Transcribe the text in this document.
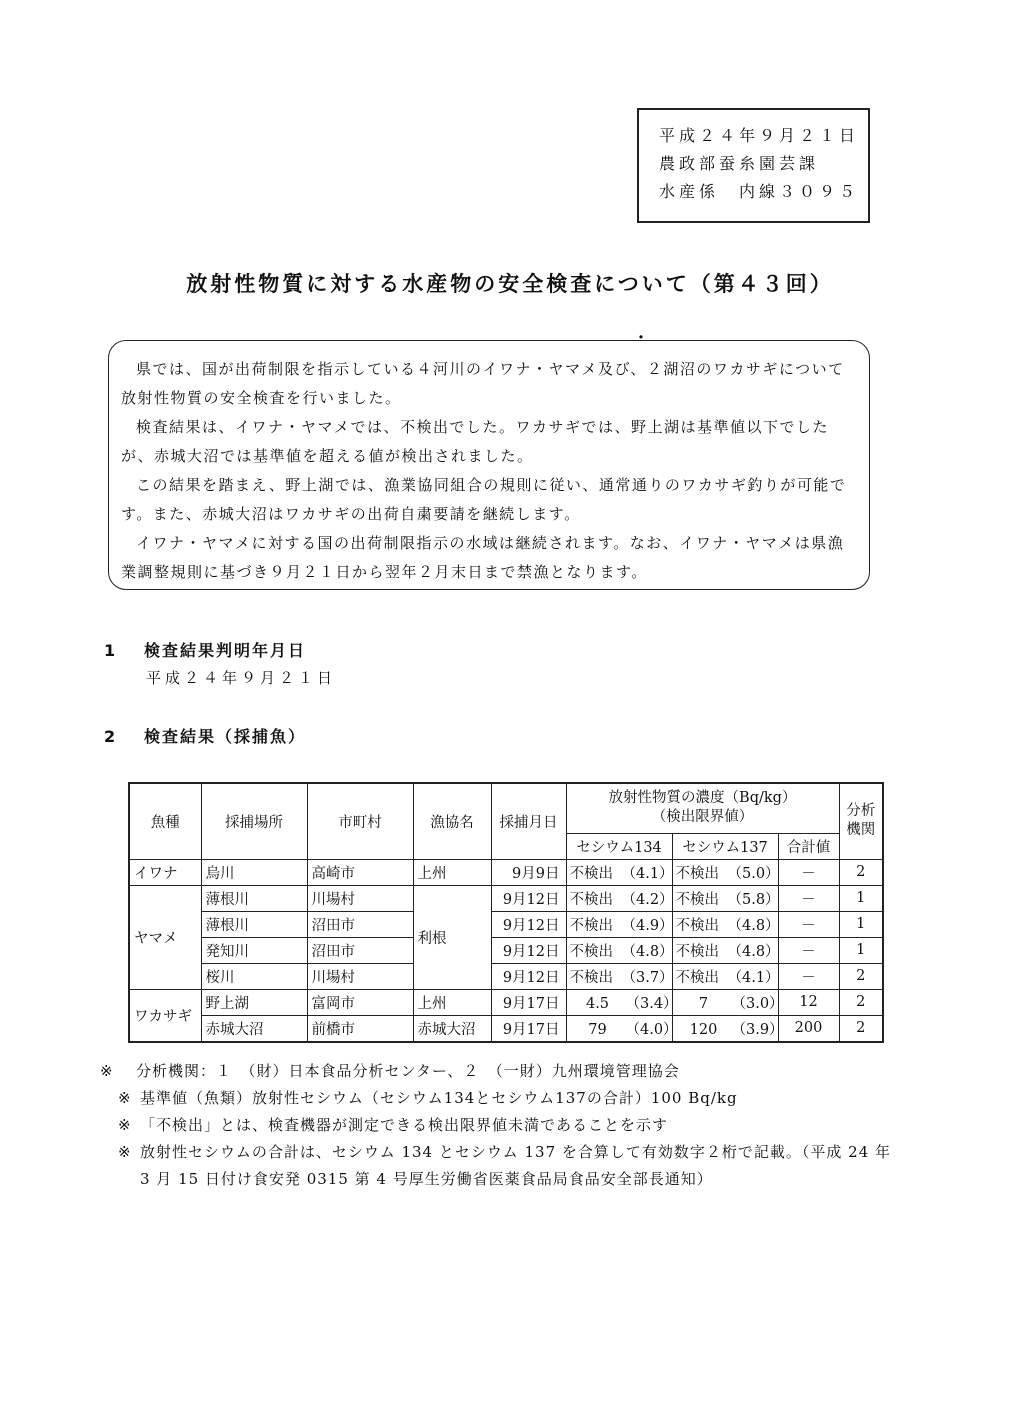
平成２４年９月２１日
農政部蚕糸園芸課
水産係　内線３０９５
放射性物質に対する水産物の安全検査について（第４３回）
・

県では、国が出荷制限を指示している４河川のイワナ・ヤマメ及び、２湖沼のワカサギについて放射性物質の安全検査を行いました。

検査結果は、イワナ・ヤマメでは、不検出でした。ワカサギでは、野上湖は基準値以下でしたが、赤城大沼では基準値を超える値が検出されました。

この結果を踏まえ、野上湖では、漁業協同組合の規則に従い、通常通りのワカサギ釣りが可能です。また、赤城大沼はワカサギの出荷自粛要請を継続します。

イワナ・ヤマメに対する国の出荷制限指示の水域は継続されます。なお、イワナ・ヤマメは県漁業調整規則に基づき９月２１日から翌年２月末日まで禁漁となります。

1 検査結果判明年月日
平成２４年９月２１日
2 検査結果（採捕魚）
魚種	採捕場所	市町村	漁協名	採捕月日	放射性物質の濃度（Bq/kg）
（検出限界値）			分析機関
					セシウム134	セシウム137	合計値	
イワナ	烏川	高崎市	上州	9月9日	不検出 （4.1）	不検出 （5.0）	－	2
ヤマメ	薄根川	川場村	利根	9月12日	不検出 （4.2）	不検出 （5.8）	－	1
	薄根川	沼田市		9月12日	不検出 （4.9）	不検出 （4.8）	－	1
	発知川	沼田市		9月12日	不検出 （4.8）	不検出 （4.8）	－	1
	桜川	川場村		9月12日	不検出 （3.7）	不検出 （4.1）	－	2
ワカサギ	野上湖	富岡市	上州	9月17日	4.5 （3.4）	7 （3.0）	12	2
	赤城大沼	前橋市	赤城大沼	9月17日	79 （4.0）	120 （3.9）	200	2
※ 分析機関：１　（財）日本食品分析センター、２　（一財）九州環境管理協会
※ 基準値（魚類）放射性セシウム（セシウム134とセシウム137の合計）100 Bq/kg
※ 「不検出」とは、検査機器が測定できる検出限界値未満であることを示す
※ 放射性セシウムの合計は、セシウム 134 とセシウム 137 を合算して有効数字２桁で記載。（平成 24 年 3 月 15 日付け食安発 0315 第 4 号厚生労働省医薬食品局食品安全部長通知）
